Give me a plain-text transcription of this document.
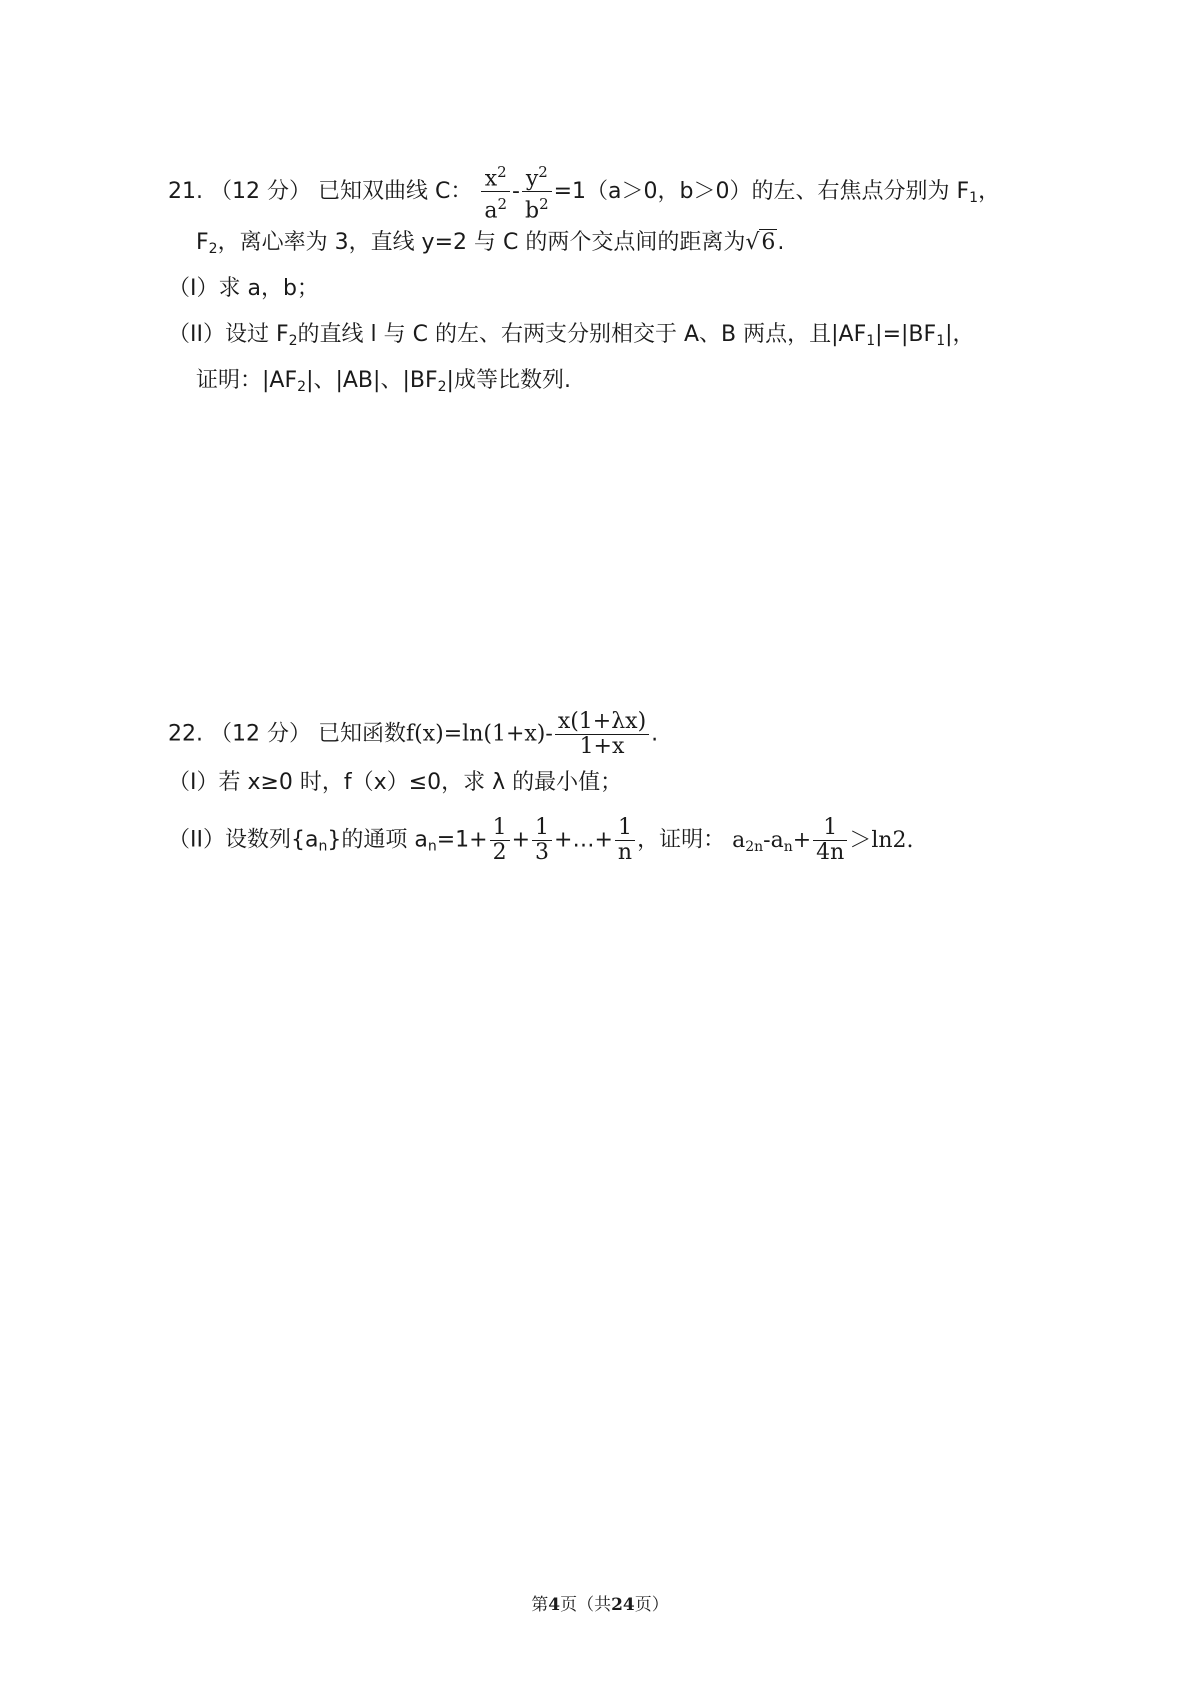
21. （12 分） 已知双曲线 C： $\frac{x^2}{a^2} - \frac{y^2}{b^2} =1(a>0$，b＞0）的左、右焦点分别为 $F_1$，
$F_2$，离心率为 3，直线 y=2 与 C 的两个交点间的距离为√6.
（I）求 a，b；
（II）设过 $F_2$的直线 l 与 C 的左、右两支分别相交于 A、B 两点，且$|AF_1|=|BF_1|$，
证明：$|AF_2|$、|AB|、$|BF_2|$成等比数列.
22. （12 分） 已知函数$f(x)=\ln(1+x)- \frac{x(1+\lambda x)}{1+x}$ .
（I）若 x≥0 时，f（x）≤0，求 λ 的最小值；
（II）设数列$\{a_n\}$的通项 $a_n=1+ \frac{1}{2} + \frac{1}{3}$ +…+ $\frac{1}{n}$ ，证明： $a_{2n}-a_n+ \frac{1}{4n} >\ln 2$.
第4页（共24页）
